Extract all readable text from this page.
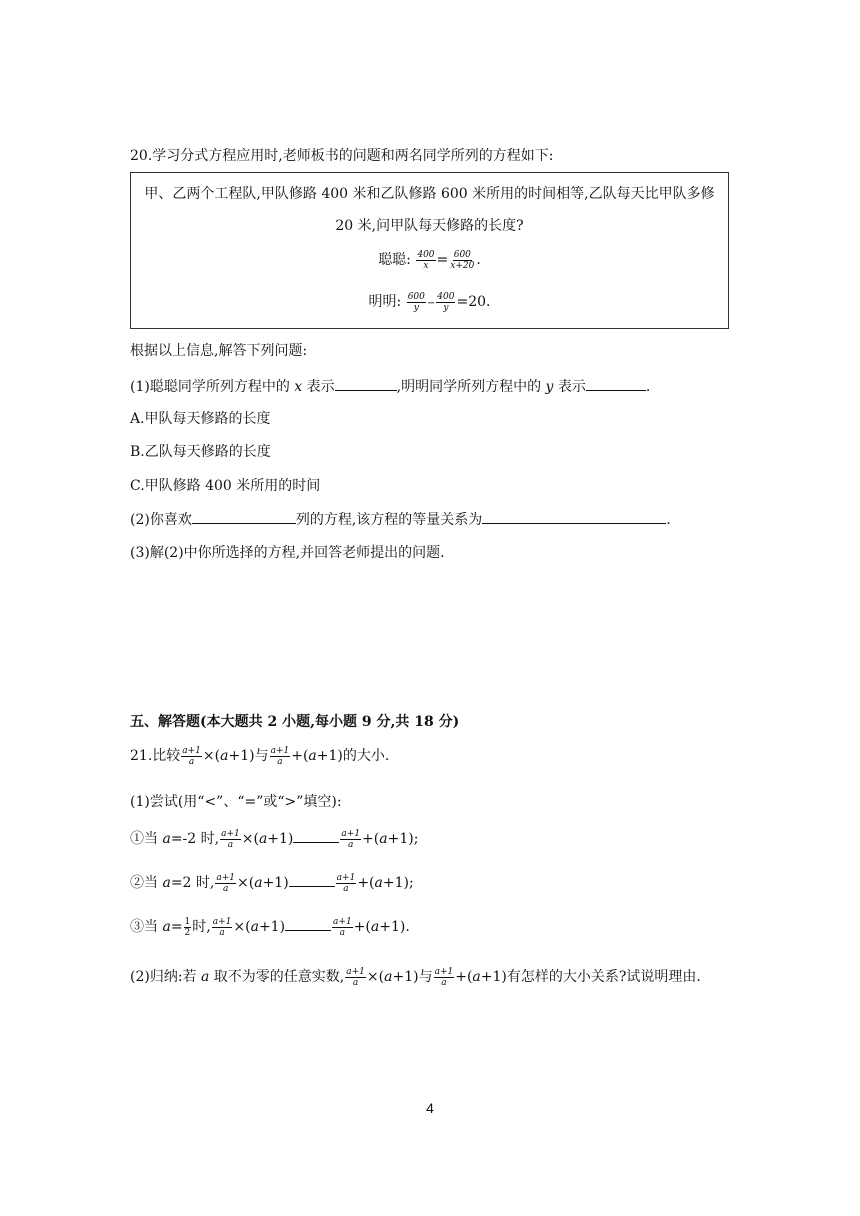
20.学习分式方程应用时,老师板书的问题和两名同学所列的方程如下:
甲、乙两个工程队,甲队修路 400 米和乙队修路 600 米所用的时间相等,乙队每天比甲队多修
20 米,问甲队每天修路的长度?
聪聪: $\frac{400}{x} = \frac{600}{x+20}$ .
明明: $\frac{600}{y} - \frac{400}{y} =20$.
根据以上信息,解答下列问题:
(1)聪聪同学所列方程中的 x 表示	,明明同学所列方程中的 y 表示	.
A.甲队每天修路的长度
B.乙队每天修路的长度
C.甲队修路 400 米所用的时间
(2)你喜欢	列的方程,该方程的等量关系为	.
(3)解(2)中你所选择的方程,并回答老师提出的问题.
五、解答题(本大题共 2 小题,每小题 9 分,共 18 分)
21.比较 $\frac{a+1}{a} \times(a+1)$与 $\frac{a+1}{a} +(a+1)$的大小.
(1)尝试(用“<”、“=”或“>”填空):
①当 a=-2 时, $\frac{a+1}{a} \times(a+1)$	$\frac{a+1}{a} +(a+1)$;
②当 a=2 时, $\frac{a+1}{a} \times(a+1)$	$\frac{a+1}{a} +(a+1)$;
③当 $a= \frac{1}{2}$ 时, $\frac{a+1}{a} \times(a+1)$	$\frac{a+1}{a} +(a+1)$.
(2)归纳:若 a 取不为零的任意实数, $\frac{a+1}{a} \times(a+1)$与 $\frac{a+1}{a} +(a+1)$有怎样的大小关系?试说明理由.
4
